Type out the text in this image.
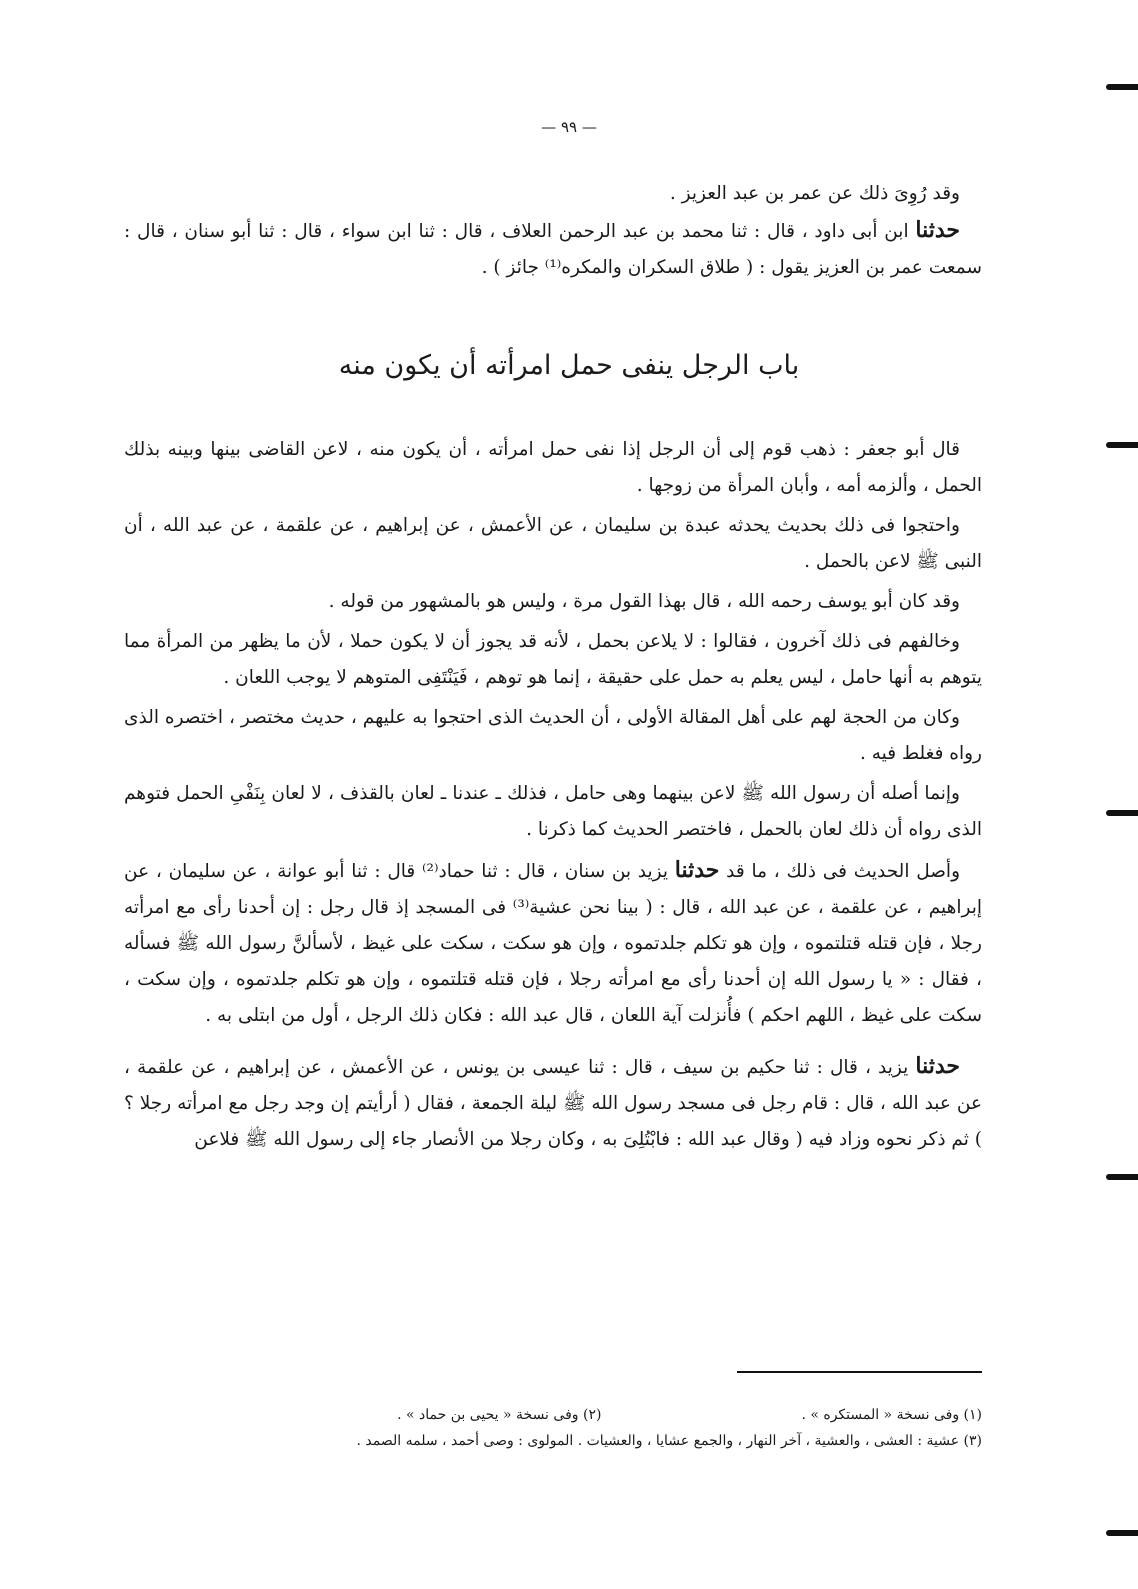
— ٩٩ —

وقد رُوِىَ ذلك عن عمر بن عبد العزيز .

حدثنا ابن أبى داود ، قال : ثنا محمد بن عبد الرحمن العلاف ، قال : ثنا ابن سواء ، قال : ثنا أبو سنان ، قال : سمعت عمر بن العزيز يقول : ( طلاق السكران والمكره⁽¹⁾ جائز ) .

باب الرجل ينفى حمل امرأته أن يكون منه

قال أبو جعفر : ذهب قوم إلى أن الرجل إذا نفى حمل امرأته ، أن يكون منه ، لاعن القاضى بينها وبينه بذلك الحمل ، وألزمه أمه ، وأبان المرأة من زوجها .

واحتجوا فى ذلك بحديث يحدثه عبدة بن سليمان ، عن الأعمش ، عن إبراهيم ، عن علقمة ، عن عبد الله ، أن النبى ﷺ لاعن بالحمل .

وقد كان أبو يوسف رحمه الله ، قال بهذا القول مرة ، وليس هو بالمشهور من قوله .

وخالفهم فى ذلك آخرون ، فقالوا : لا يلاعن بحمل ، لأنه قد يجوز أن لا يكون حملا ، لأن ما يظهر من المرأة مما يتوهم به أنها حامل ، ليس يعلم به حمل على حقيقة ، إنما هو توهم ، فَيَنْتَفِى المتوهم لا يوجب اللعان .

وكان من الحجة لهم على أهل المقالة الأولى ، أن الحديث الذى احتجوا به عليهم ، حديث مختصر ، اختصره الذى رواه فغلط فيه .

وإنما أصله أن رسول الله ﷺ لاعن بينهما وهى حامل ، فذلك ـ عندنا ـ لعان بالقذف ، لا لعان بِنَفْىِ الحمل فتوهم الذى رواه أن ذلك لعان بالحمل ، فاختصر الحديث كما ذكرنا .

وأصل الحديث فى ذلك ، ما قد حدثنا يزيد بن سنان ، قال : ثنا حماد⁽²⁾ قال : ثنا أبو عوانة ، عن سليمان ، عن إبراهيم ، عن علقمة ، عن عبد الله ، قال : ( بينا نحن عشية⁽³⁾ فى المسجد إذ قال رجل : إن أحدنا رأى مع امرأته رجلا ، فإن قتله قتلتموه ، وإن هو تكلم جلدتموه ، وإن هو سكت ، سكت على غيظ ، لأسألنَّ رسول الله ﷺ فسأله ، فقال : « يا رسول الله إن أحدنا رأى مع امرأته رجلا ، فإن قتله قتلتموه ، وإن هو تكلم جلدتموه ، وإن سكت ، سكت على غيظ ، اللهم احكم ) فأُنزلت آية اللعان ، قال عبد الله : فكان ذلك الرجل ، أول من ابتلى به .

حدثنا يزيد ، قال : ثنا حكيم بن سيف ، قال : ثنا عيسى بن يونس ، عن الأعمش ، عن إبراهيم ، عن علقمة ، عن عبد الله ، قال : قام رجل فى مسجد رسول الله ﷺ ليلة الجمعة ، فقال ( أرأيتم إن وجد رجل مع امرأته رجلا ؟ ) ثم ذكر نحوه وزاد فيه ( وقال عبد الله : فابْتُلِىَ به ، وكان رجلا من الأنصار جاء إلى رسول الله ﷺ فلاعن

(١) وفى نسخة « المستكره » .(٢) وفى نسخة « يحيى بن حماد » .

(٣) عشية : العشى ، والعشية ، آخر النهار ، والجمع عشايا ، والعشيات . المولوى : وصى أحمد ، سلمه الصمد .
